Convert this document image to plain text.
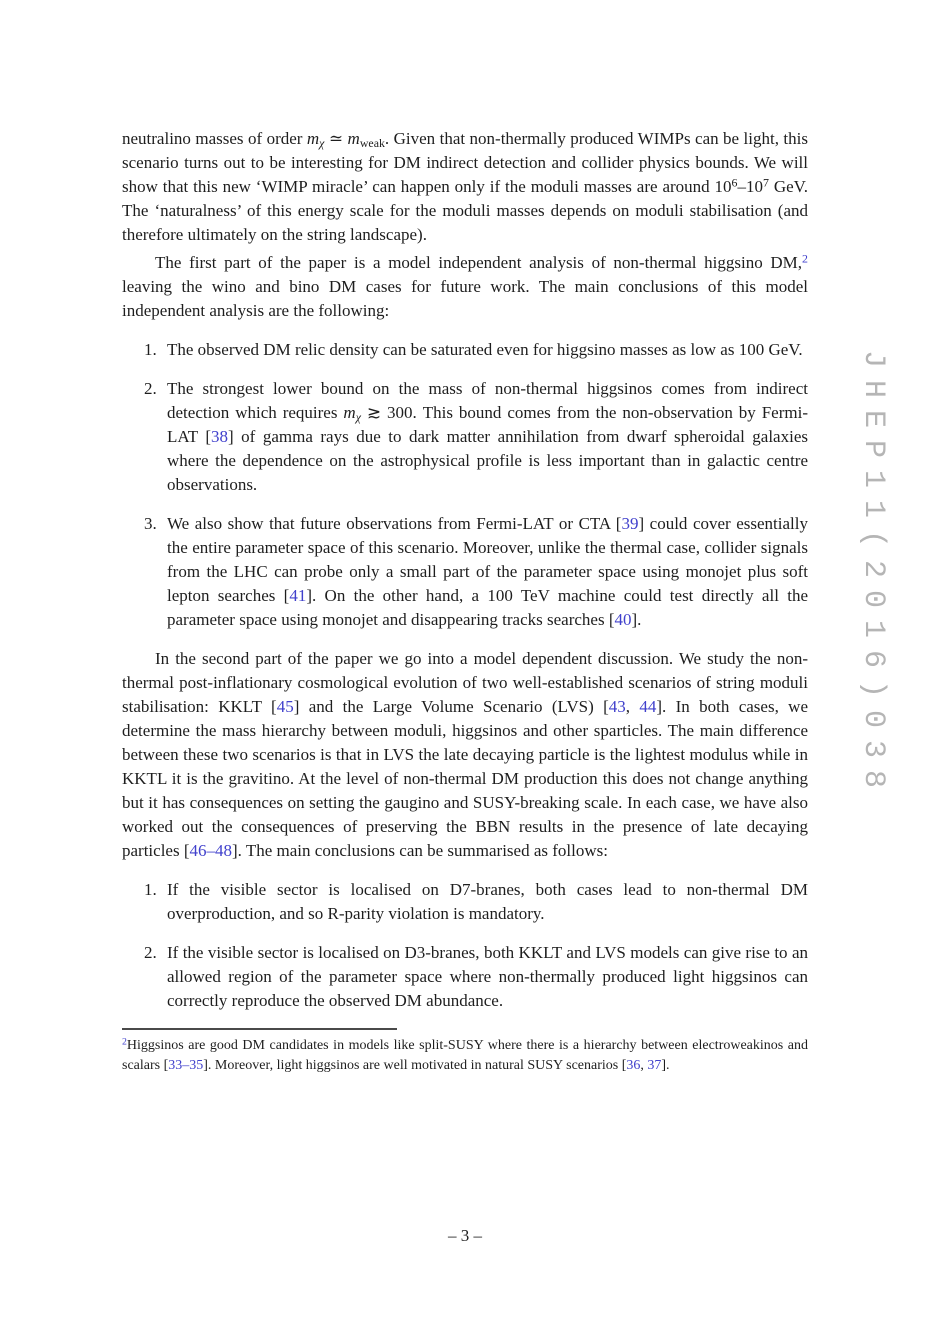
neutralino masses of order mχ ≃ mweak. Given that non-thermally produced WIMPs can be light, this scenario turns out to be interesting for DM indirect detection and collider physics bounds. We will show that this new ‘WIMP miracle’ can happen only if the moduli masses are around $10^6-10^7$ GeV. The ‘naturalness’ of this energy scale for the moduli masses depends on moduli stabilisation (and therefore ultimately on the string landscape).

The first part of the paper is a model independent analysis of non-thermal higgsino DM,$^2$ leaving the wino and bino DM cases for future work. The main conclusions of this model independent analysis are the following:

1. The observed DM relic density can be saturated even for higgsino masses as low as 100 GeV.
2. The strongest lower bound on the mass of non-thermal higgsinos comes from indirect detection which requires mχ ≳ 300. This bound comes from the non-observation by Fermi-LAT [38] of gamma rays due to dark matter annihilation from dwarf spheroidal galaxies where the dependence on the astrophysical profile is less important than in galactic centre observations.
3. We also show that future observations from Fermi-LAT or CTA [39] could cover essentially the entire parameter space of this scenario. Moreover, unlike the thermal case, collider signals from the LHC can probe only a small part of the parameter space using monojet plus soft lepton searches [41]. On the other hand, a 100 TeV machine could test directly all the parameter space using monojet and disappearing tracks searches [40].

In the second part of the paper we go into a model dependent discussion. We study the non-thermal post-inflationary cosmological evolution of two well-established scenarios of string moduli stabilisation: KKLT [45] and the Large Volume Scenario (LVS) [43, 44]. In both cases, we determine the mass hierarchy between moduli, higgsinos and other sparticles. The main difference between these two scenarios is that in LVS the late decaying particle is the lightest modulus while in KKTL it is the gravitino. At the level of non-thermal DM production this does not change anything but it has consequences on setting the gaugino and SUSY-breaking scale. In each case, we have also worked out the consequences of preserving the BBN results in the presence of late decaying particles [46–48]. The main conclusions can be summarised as follows:

1. If the visible sector is localised on D7-branes, both cases lead to non-thermal DM overproduction, and so R-parity violation is mandatory.
2. If the visible sector is localised on D3-branes, both KKLT and LVS models can give rise to an allowed region of the parameter space where non-thermally produced light higgsinos can correctly reproduce the observed DM abundance.

$^2$Higgsinos are good DM candidates in models like split-SUSY where there is a hierarchy between electroweakinos and scalars [33–35]. Moreover, light higgsinos are well motivated in natural SUSY scenarios [36, 37].

JHEP11(2016)038
– 3 –
